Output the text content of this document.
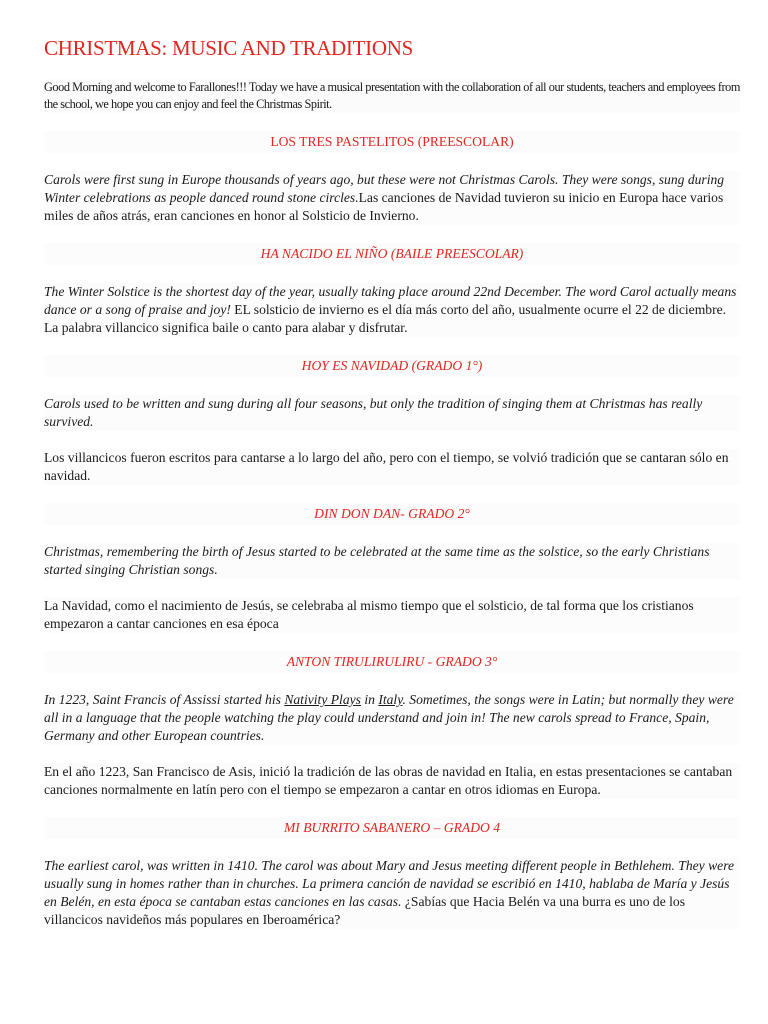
CHRISTMAS: MUSIC AND TRADITIONS

Good Morning and welcome to Farallones!!! Today we have a musical presentation with the collaboration of all our students, teachers and employees from the school, we hope you can enjoy and feel the Christmas Spirit.

LOS TRES PASTELITOS (PREESCOLAR)

Carols were first sung in Europe thousands of years ago, but these were not Christmas Carols. They were songs, sung during Winter celebrations as people danced round stone circles.Las canciones de Navidad tuvieron su inicio en Europa hace varios miles de años atrás, eran canciones en honor al Solsticio de Invierno.

HA NACIDO EL NIÑO (BAILE PREESCOLAR)

The Winter Solstice is the shortest day of the year, usually taking place around 22nd December. The word Carol actually means dance or a song of praise and joy! EL solsticio de invierno es el día más corto del año, usualmente ocurre el 22 de diciembre. La palabra villancico significa baile o canto para alabar y disfrutar.

HOY ES NAVIDAD (GRADO 1°)

Carols used to be written and sung during all four seasons, but only the tradition of singing them at Christmas has really survived.

Los villancicos fueron escritos para cantarse a lo largo del año, pero con el tiempo, se volvió tradición que se cantaran sólo en navidad.

DIN DON DAN- GRADO 2°

Christmas, remembering the birth of Jesus started to be celebrated at the same time as the solstice, so the early Christians started singing Christian songs.

La Navidad, como el nacimiento de Jesús, se celebraba al mismo tiempo que el solsticio, de tal forma que los cristianos empezaron a cantar canciones en esa época

ANTON TIRULIRULIRU - GRADO 3°

In 1223, Saint Francis of Assissi started his Nativity Plays in Italy. Sometimes, the songs were in Latin; but normally they were all in a language that the people watching the play could understand and join in! The new carols spread to France, Spain, Germany and other European countries.

En el año 1223, San Francisco de Asis, inició la tradición de las obras de navidad en Italia, en estas presentaciones se cantaban canciones normalmente en latín pero con el tiempo se empezaron a cantar en otros idiomas en Europa.

MI BURRITO SABANERO – GRADO 4

The earliest carol, was written in 1410. The carol was about Mary and Jesus meeting different people in Bethlehem. They were usually sung in homes rather than in churches. La primera canción de navidad se escribió en 1410, hablaba de María y Jesús en Belén, en esta época se cantaban estas canciones en las casas. ¿Sabías que Hacia Belén va una burra es uno de los villancicos navideños más populares en Iberoamérica?
